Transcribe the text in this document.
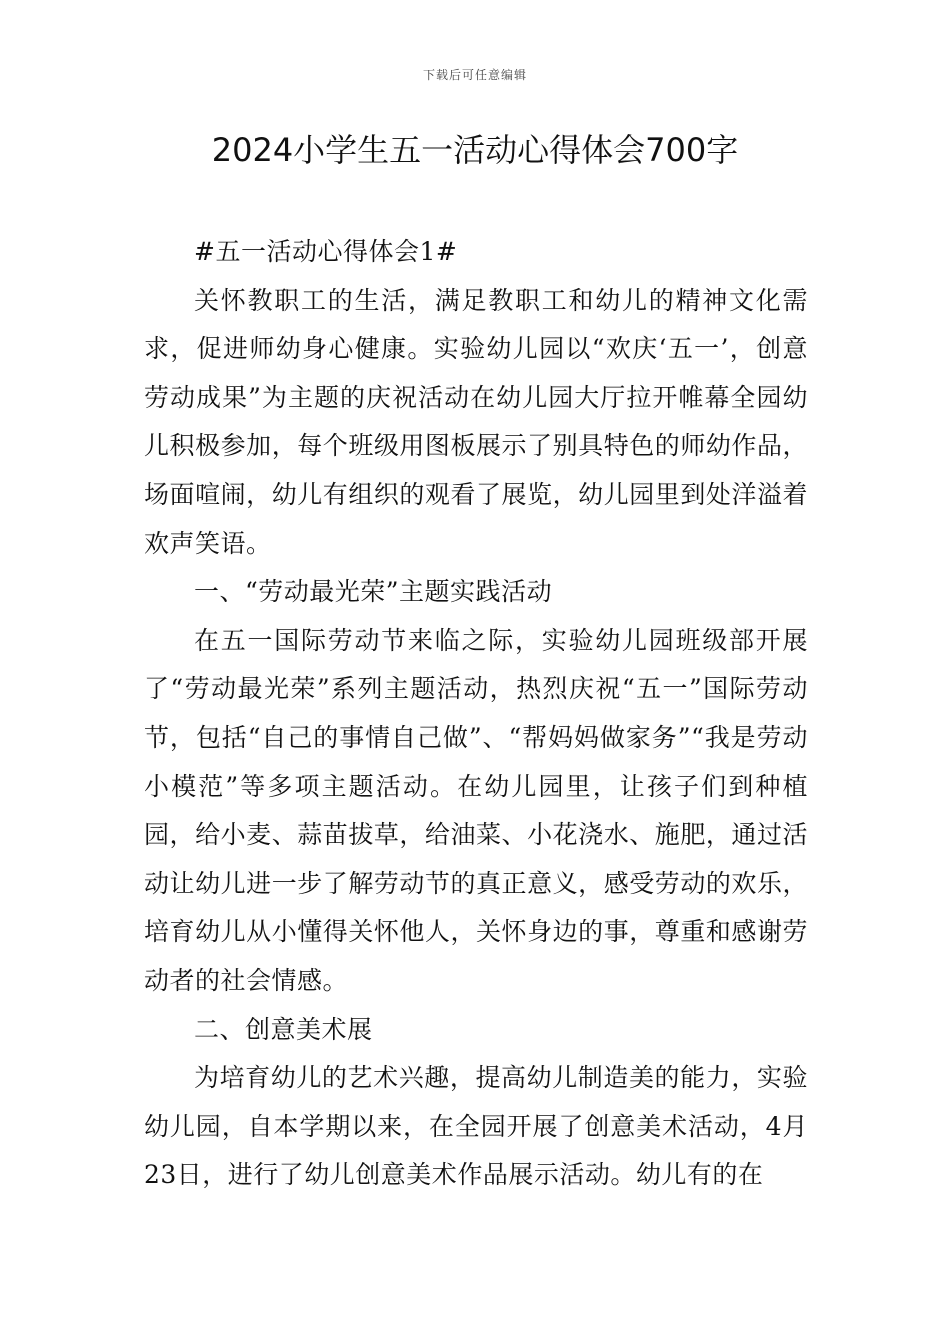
下载后可任意编辑
2024小学生五一活动心得体会700字

#五一活动心得体会1#

关怀教职工的生活，满足教职工和幼儿的精神文化需求，促进师幼身心健康。实验幼儿园以“欢庆‘五一’，创意劳动成果”为主题的庆祝活动在幼儿园大厅拉开帷幕全园幼儿积极参加，每个班级用图板展示了别具特色的师幼作品，场面喧闹，幼儿有组织的观看了展览，幼儿园里到处洋溢着欢声笑语。

一、“劳动最光荣”主题实践活动

在五一国际劳动节来临之际，实验幼儿园班级部开展了“劳动最光荣”系列主题活动，热烈庆祝“五一”国际劳动节，包括“自己的事情自己做”、“帮妈妈做家务”“我是劳动小模范”等多项主题活动。在幼儿园里，让孩子们到种植园，给小麦、蒜苗拔草，给油菜、小花浇水、施肥，通过活动让幼儿进一步了解劳动节的真正意义，感受劳动的欢乐，培育幼儿从小懂得关怀他人，关怀身边的事，尊重和感谢劳动者的社会情感。

二、创意美术展

为培育幼儿的艺术兴趣，提高幼儿制造美的能力，实验幼儿园，自本学期以来，在全园开展了创意美术活动，4月23日，进行了幼儿创意美术作品展示活动。幼儿有的在
